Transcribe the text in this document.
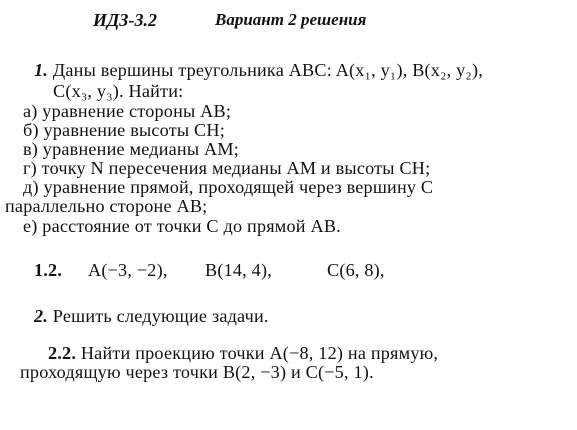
ИДЗ-3.2	Вариант 2 решения
1. Даны вершины треугольника ABC: A(x₁, y₁), B(x₂, y₂),
C(x₃, y₃). Найти:
а) уравнение стороны AB;
б) уравнение высоты CH;
в) уравнение медианы AM;
г) точку N пересечения медианы AM и высоты CH;
д) уравнение прямой, проходящей через вершину C
параллельно стороне AB;
е) расстояние от точки C до прямой AB.
1.2. A(−3, −2), B(14, 4),	C(6, 8),
2. Решить следующие задачи.
2.2. Найти проекцию точки A(−8, 12) на прямую,
проходящую через точки B(2, −3) и C(−5, 1).
